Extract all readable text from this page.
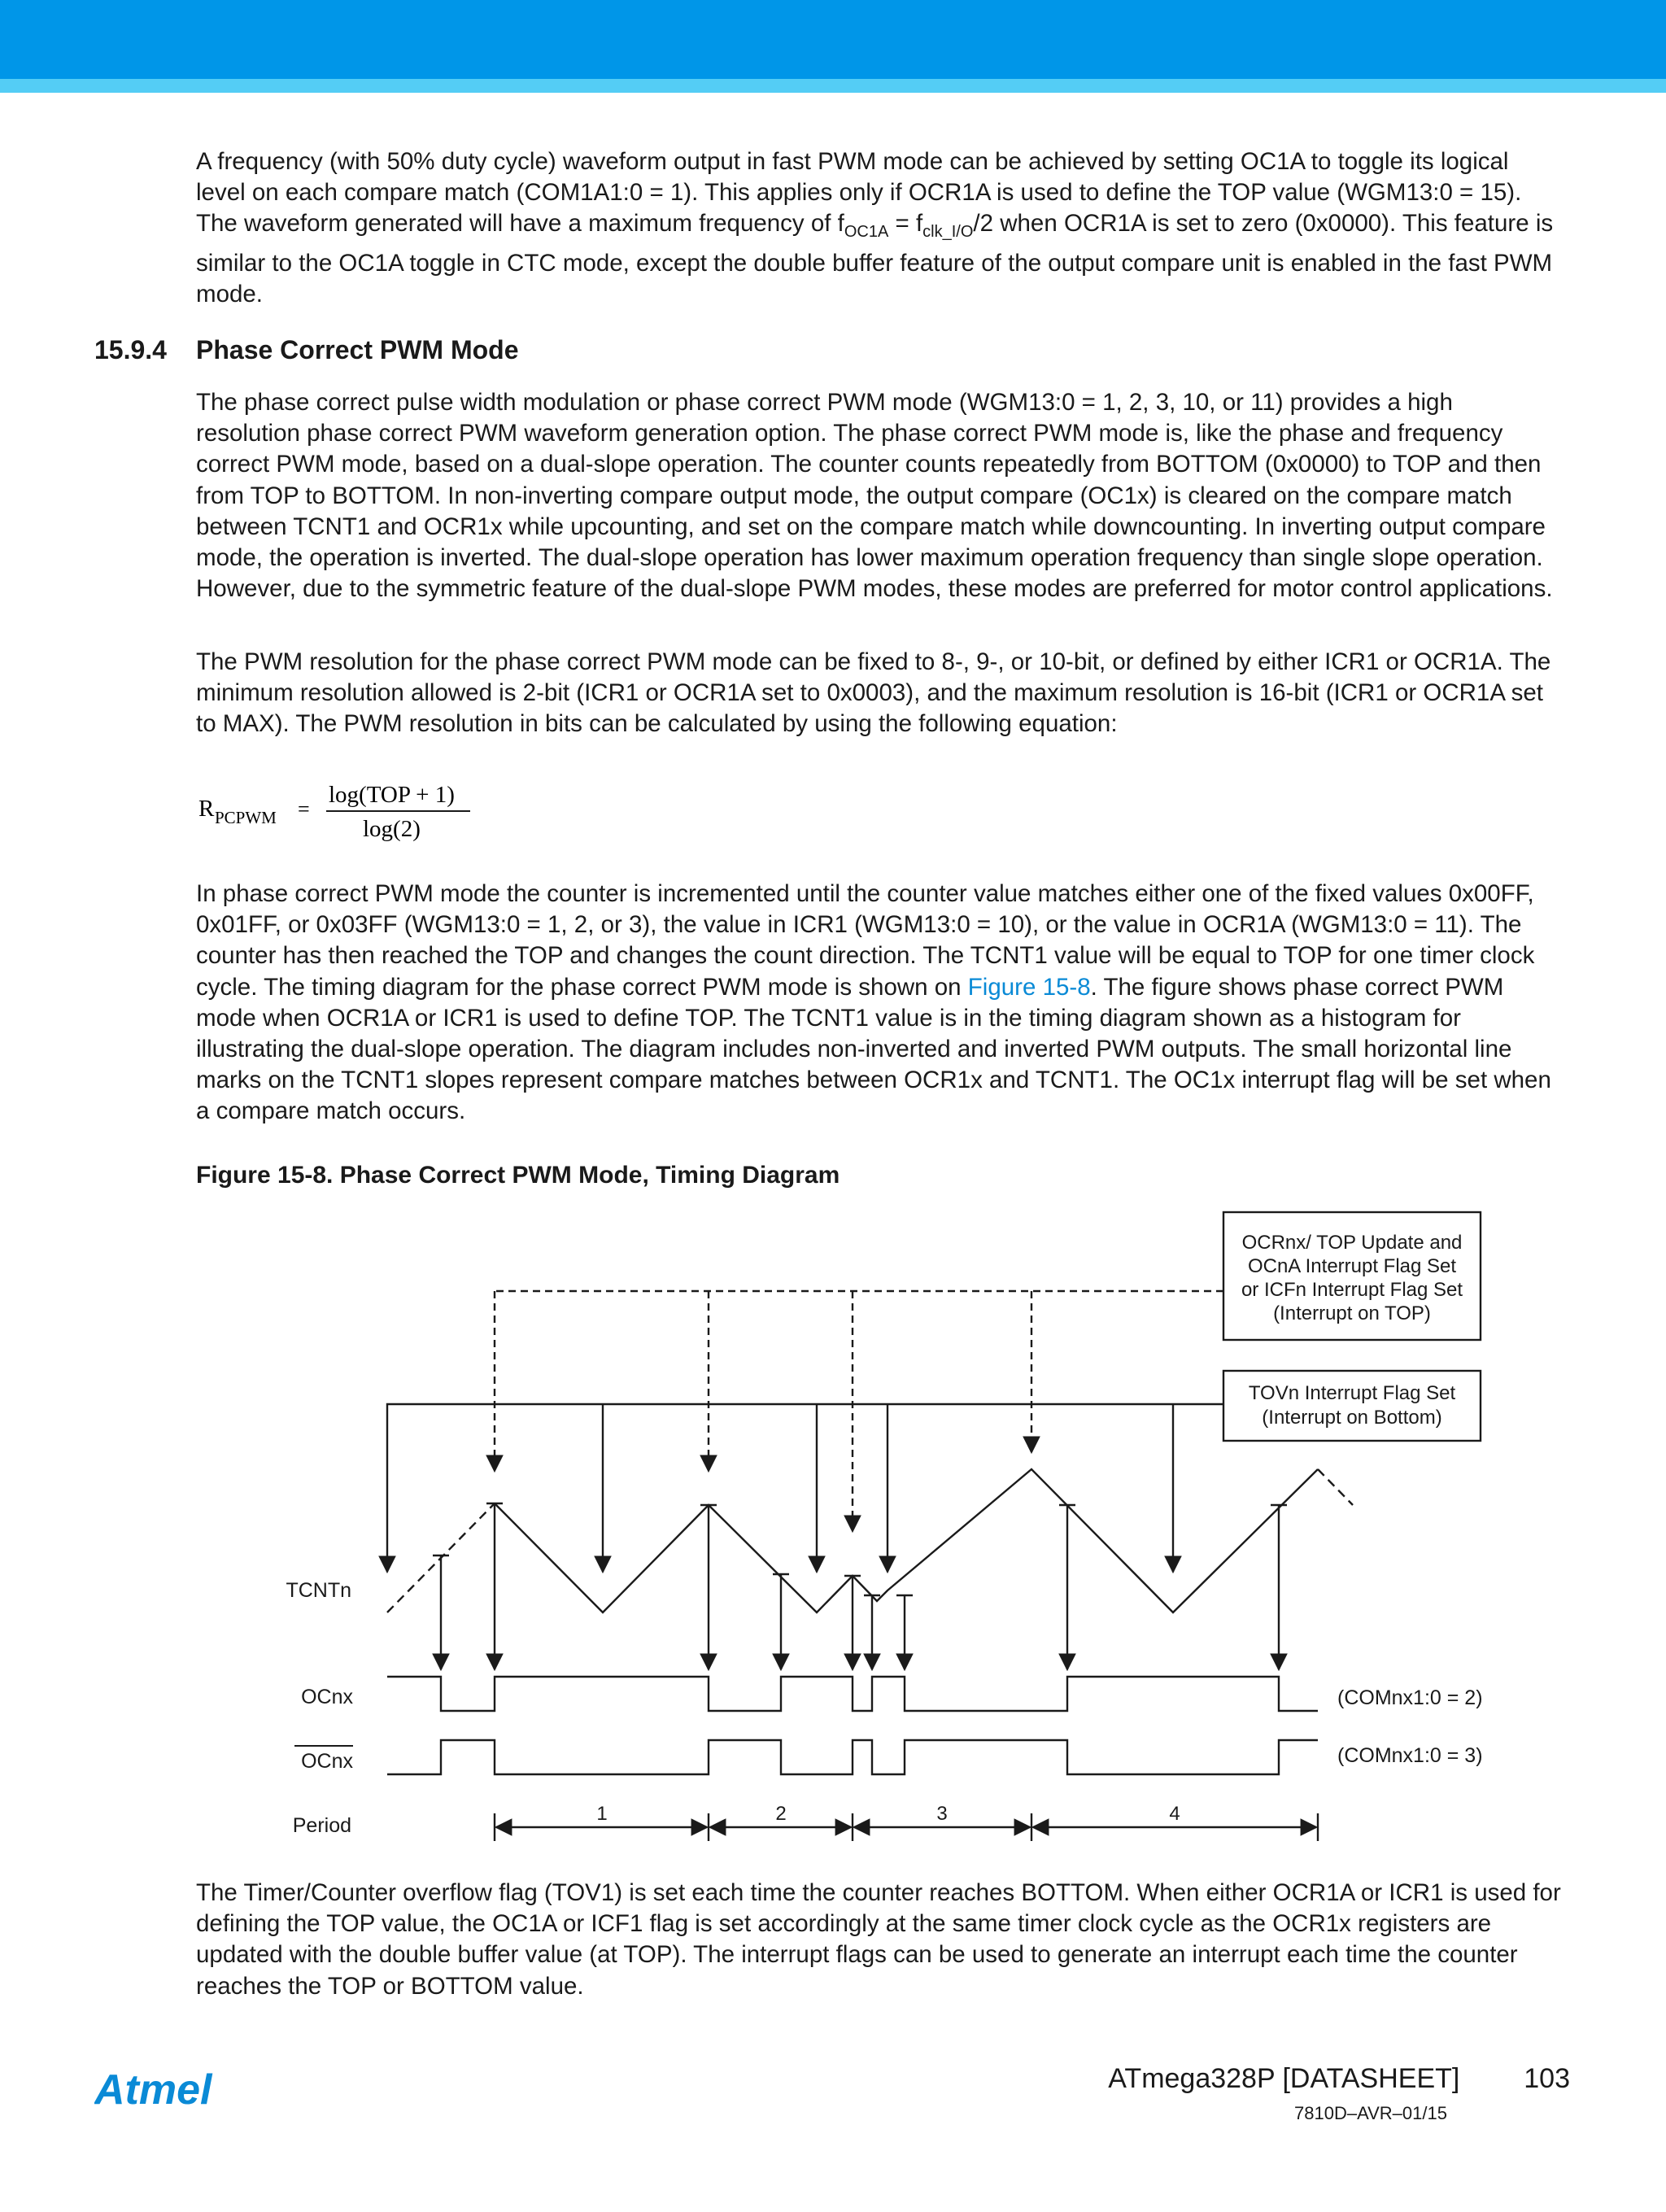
A frequency (with 50% duty cycle) waveform output in fast PWM mode can be achieved by setting OC1A to toggle its logical level on each compare match (COM1A1:0 = 1). This applies only if OCR1A is used to define the TOP value (WGM13:0 = 15). The waveform generated will have a maximum frequency of $f_{OC1A} = f_{clk\_I/O}/2$ when OCR1A is set to zero (0x0000). This feature is similar to the OC1A toggle in CTC mode, except the double buffer feature of the output compare unit is enabled in the fast PWM mode.

15.9.4 Phase Correct PWM Mode

The phase correct pulse width modulation or phase correct PWM mode (WGM13:0 = 1, 2, 3, 10, or 11) provides a high resolution phase correct PWM waveform generation option. The phase correct PWM mode is, like the phase and frequency correct PWM mode, based on a dual-slope operation. The counter counts repeatedly from BOTTOM (0x0000) to TOP and then from TOP to BOTTOM. In non-inverting compare output mode, the output compare (OC1x) is cleared on the compare match between TCNT1 and OCR1x while upcounting, and set on the compare match while downcounting. In inverting output compare mode, the operation is inverted. The dual-slope operation has lower maximum operation frequency than single slope operation. However, due to the symmetric feature of the dual-slope PWM modes, these modes are preferred for motor control applications.

The PWM resolution for the phase correct PWM mode can be fixed to 8-, 9-, or 10-bit, or defined by either ICR1 or OCR1A. The minimum resolution allowed is 2-bit (ICR1 or OCR1A set to 0x0003), and the maximum resolution is 16-bit (ICR1 or OCR1A set to MAX). The PWM resolution in bits can be calculated by using the following equation:

R PCPWM =
log(TOP + 1)
log(2)

In phase correct PWM mode the counter is incremented until the counter value matches either one of the fixed values 0x00FF, 0x01FF, or 0x03FF (WGM13:0 = 1, 2, or 3), the value in ICR1 (WGM13:0 = 10), or the value in OCR1A (WGM13:0 = 11). The counter has then reached the TOP and changes the count direction. The TCNT1 value will be equal to TOP for one timer clock cycle. The timing diagram for the phase correct PWM mode is shown on Figure 15-8. The figure shows phase correct PWM mode when OCR1A or ICR1 is used to define TOP. The TCNT1 value is in the timing diagram shown as a histogram for illustrating the dual-slope operation. The diagram includes non-inverted and inverted PWM outputs. The small horizontal line marks on the TCNT1 slopes represent compare matches between OCR1x and TCNT1. The OC1x interrupt flag will be set when a compare match occurs.

Figure 15-8. Phase Correct PWM Mode, Timing Diagram
OCRnx/ TOP Update and
OCnA Interrupt Flag Set
or ICFn Interrupt Flag Set
(Interrupt on TOP)
TOVn Interrupt Flag Set
(Interrupt on Bottom)
1	2	3	4
TCNTn
OCnx
OCnx
Period
(COMnx1:0 = 2)
(COMnx1:0 = 3)

The Timer/Counter overflow flag (TOV1) is set each time the counter reaches BOTTOM. When either OCR1A or ICR1 is used for defining the TOP value, the OC1A or ICF1 flag is set accordingly at the same timer clock cycle as the OCR1x registers are updated with the double buffer value (at TOP). The interrupt flags can be used to generate an interrupt each time the counter reaches the TOP or BOTTOM value.

Atmel	ATmega328P [DATASHEET] 103
7810D–AVR–01/15
